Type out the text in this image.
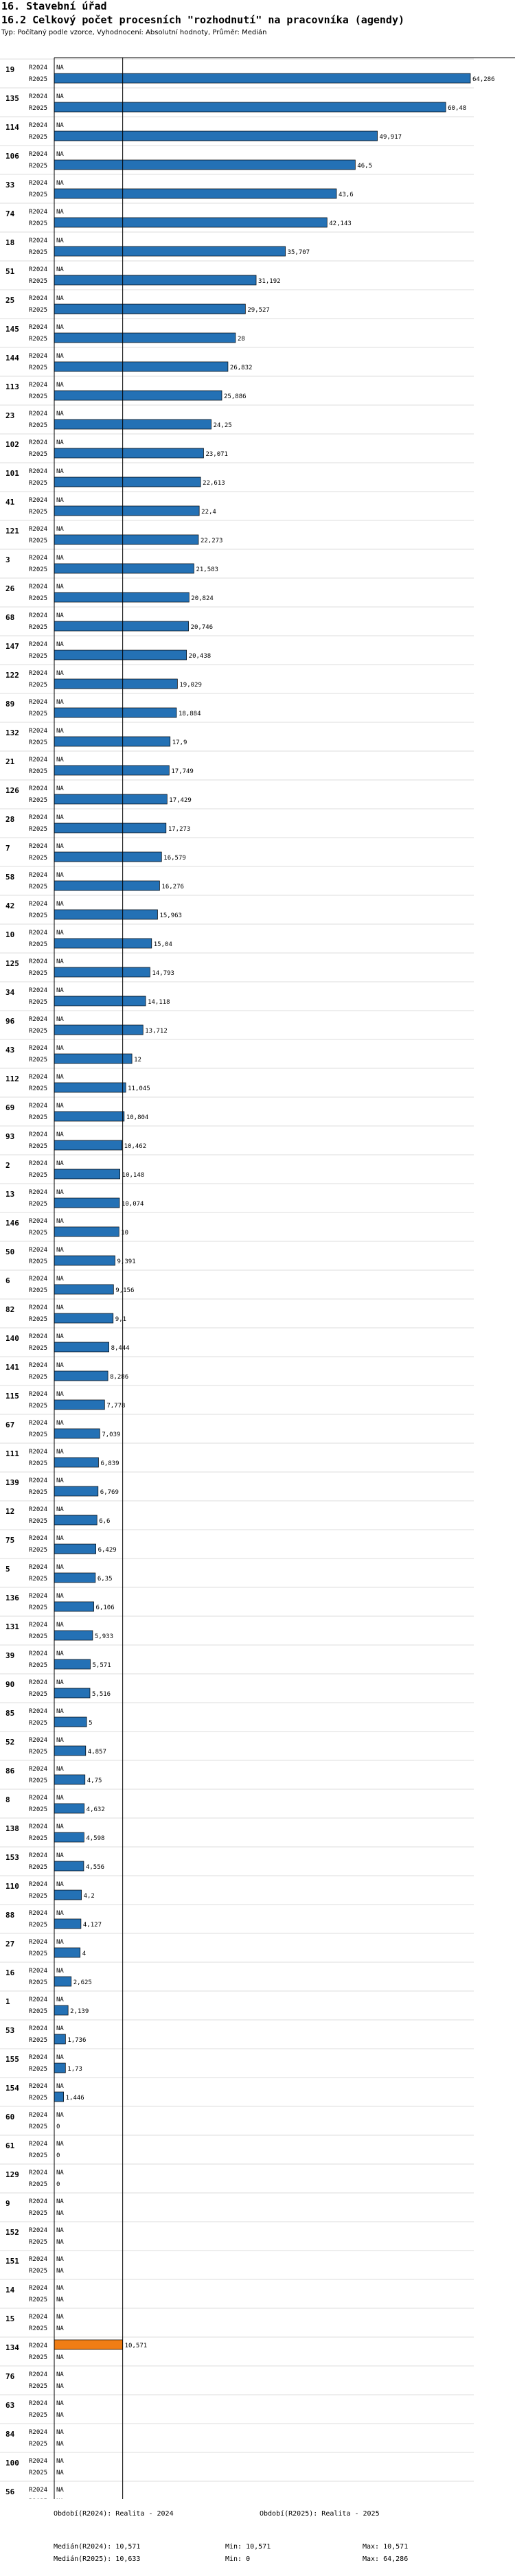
16. Stavební úřad
16.2 Celkový počet procesních "rozhodnutí" na pracovníka (agendy)
Typ: Počítaný podle vzorce, Vyhodnocení: Absolutní hodnoty, Průměr: Medián
19 R2024
R2025
NA
64,286
135 R2024
R2025
NA
60,48
114 R2024
R2025
NA
49,917
106 R2024
R2025
NA
46,5
33 R2024
R2025
NA
43,6
74 R2024
R2025
NA
42,143
18 R2024
R2025
NA
35,707
51 R2024
R2025
NA
31,192
25 R2024
R2025
NA
29,527
145 R2024
R2025
NA
28
144 R2024
R2025
NA
26,832
113 R2024
R2025
NA
25,886
23 R2024
R2025
NA
24,25
102 R2024
R2025
NA
23,071
101 R2024
R2025
NA
22,613
41 R2024
R2025
NA
22,4
121 R2024
R2025
NA
22,273
3	R2024
R2025
NA
21,583
26 R2024
R2025
NA
20,824
68 R2024
R2025
NA
20,746
147 R2024
R2025
NA
20,438
122 R2024
R2025
NA
19,029
89 R2024
R2025
NA
18,884
132 R2024
R2025
NA
17,9
21 R2024
R2025
NA
17,749
126 R2024
R2025
NA
17,429
28 R2024
R2025
NA
17,273
7	R2024
R2025
NA
16,579
58 R2024
R2025
NA
16,276
42 R2024
R2025
NA
15,963
10 R2024
R2025
NA
15,04
125 R2024
R2025
NA
14,793
34 R2024
R2025
NA
14,118
96 R2024
R2025
NA
13,712
43 R2024
R2025
NA
12
112 R2024
R2025
NA
11,045
69 R2024
R2025
NA
10,804
93 R2024
R2025
NA
10,462
2	R2024
R2025
NA
10,148
13 R2024
R2025
NA
10,074
146 R2024
R2025
NA
10
50 R2024
R2025
NA
9,391
6	R2024
R2025
NA
9,156
82 R2024
R2025
NA
9,1
140 R2024
R2025
NA
8,444
141 R2024
R2025
NA
8,286
115 R2024
R2025
NA
7,778
67 R2024
R2025
NA
7,039
111 R2024
R2025
NA
6,839
139 R2024
R2025
NA
6,769
12 R2024
R2025
NA
6,6
75 R2024
R2025
NA
6,429
5	R2024
R2025
NA
6,35
136 R2024
R2025
NA
6,106
131 R2024
R2025
NA
5,933
39 R2024
R2025
NA
5,571
90 R2024
R2025
NA
5,516
85 R2024
R2025
NA
5
52 R2024
R2025
NA
4,857
86 R2024
R2025
NA
4,75
8	R2024
R2025
NA
4,632
138 R2024
R2025
NA
4,598
153 R2024
R2025
NA
4,556
110 R2024
R2025
NA
4,2
88 R2024
R2025
NA
4,127
27 R2024
R2025
NA
4
16 R2024
R2025
NA
2,625
1	R2024
R2025
NA
2,139
53 R2024
R2025
NA
1,736
155 R2024
R2025
NA
1,73
154 R2024
R2025
NA
1,446
60 R2024
R2025
NA
0
61 R2024
R2025
NA
0
129 R2024
R2025
NA
0
9	R2024
R2025
NA
NA
152 R2024
R2025
NA
NA
151 R2024
R2025
NA
NA
14 R2024
R2025
NA
NA
15 R2024
R2025
NA
NA
134 R2024
R2025
10,571
NA
76 R2024
R2025
NA
NA
63 R2024
R2025
NA
NA
84 R2024
R2025
NA
NA
100 R2024
R2025
NA
NA
56 R2024 NA
Období(R2024): Realita - 2024	Období(R2025): Realita - 2025
Medián(R2024): 10,571	Min: 10,571	Max: 10,571
Medián(R2025): 10,633	Min: 0	Max: 64,286
